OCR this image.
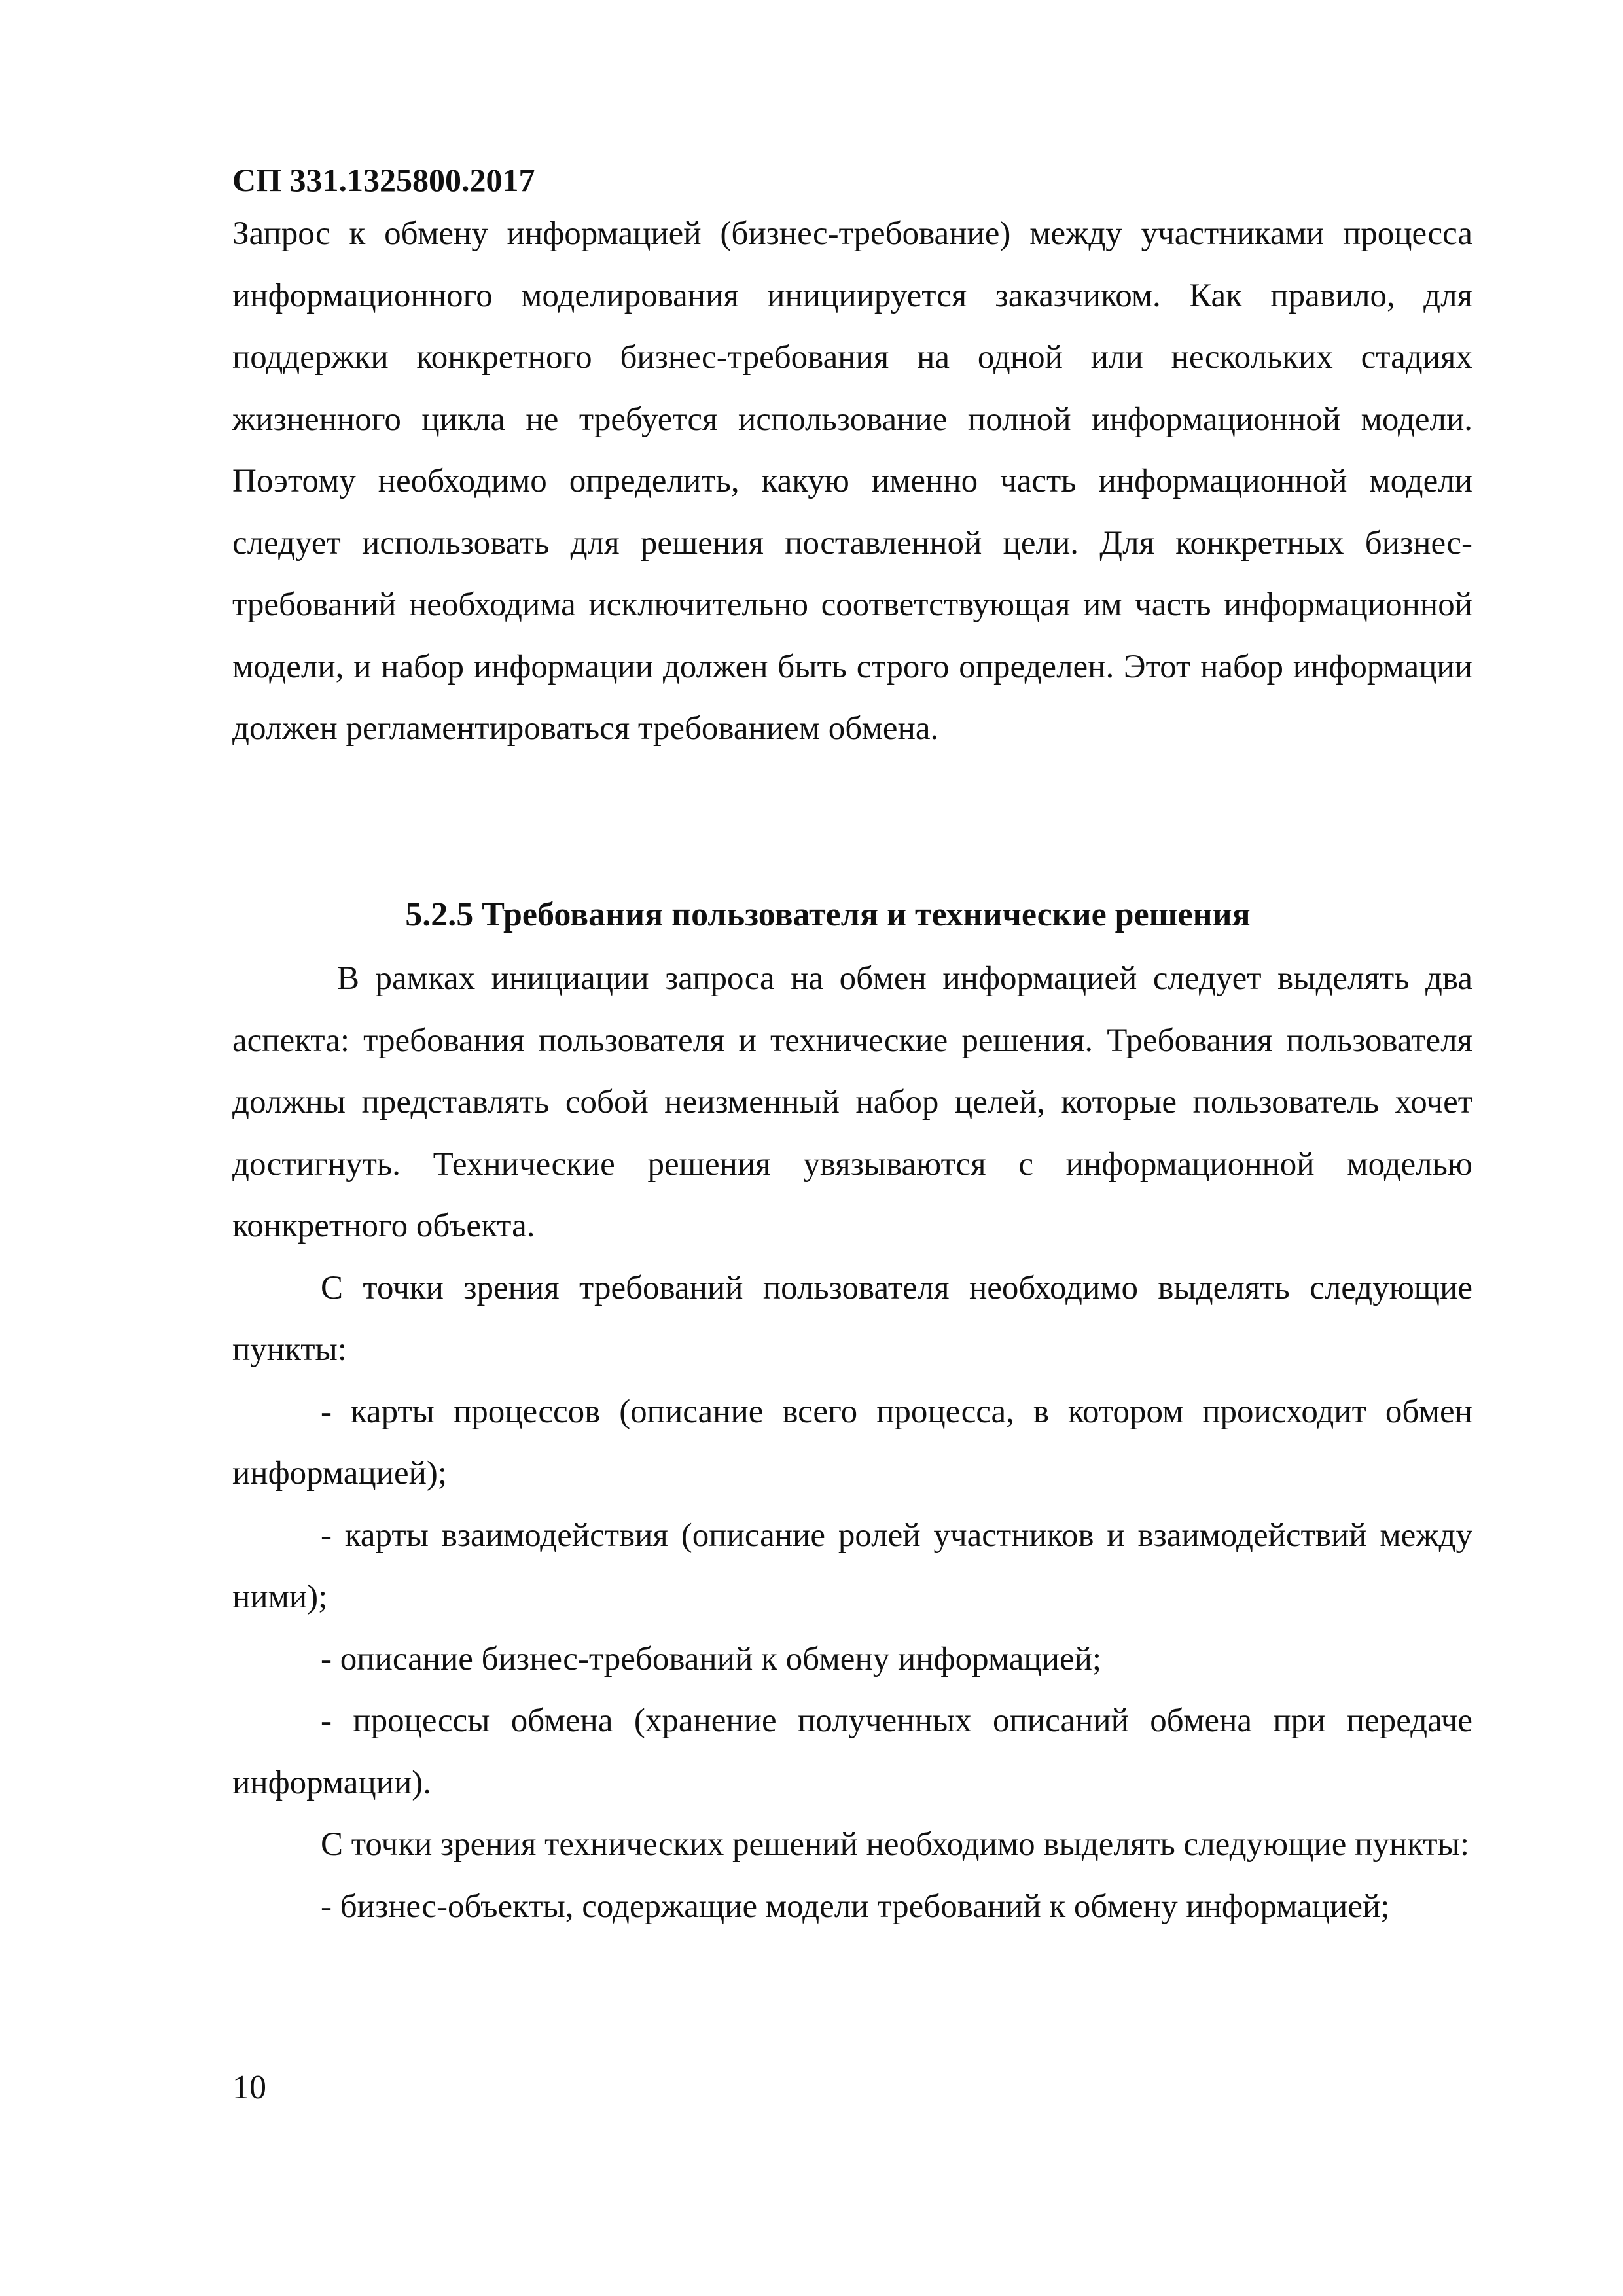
СП 331.1325800.2017

Запрос к обмену информацией (бизнес-требование) между участниками процесса информационного моделирования инициируется заказчиком. Как правило, для поддержки конкретного бизнес-требования на одной или нескольких стадиях жизненного цикла не требуется использование полной информационной модели. Поэтому необходимо определить, какую именно часть информационной модели следует использовать для решения поставленной цели. Для конкретных бизнес-требований необходима исключительно соответствующая им часть информационной модели, и набор информации должен быть строго определен. Этот набор информации должен регламентироваться требованием обмена.

5.2.5 Требования пользователя и технические решения

В рамках инициации запроса на обмен информацией следует выделять два аспекта: требования пользователя и технические решения. Требования пользователя должны представлять собой неизменный набор целей, которые пользователь хочет достигнуть. Технические решения увязываются с информационной моделью конкретного объекта.

С точки зрения требований пользователя необходимо выделять следующие пункты:

- карты процессов (описание всего процесса, в котором происходит обмен информацией);

- карты взаимодействия (описание ролей участников и взаимодействий между ними);

- описание бизнес-требований к обмену информацией;

- процессы обмена (хранение полученных описаний обмена при передаче информации).

С точки зрения технических решений необходимо выделять следующие пункты:

- бизнес-объекты, содержащие модели требований к обмену информацией;

10
